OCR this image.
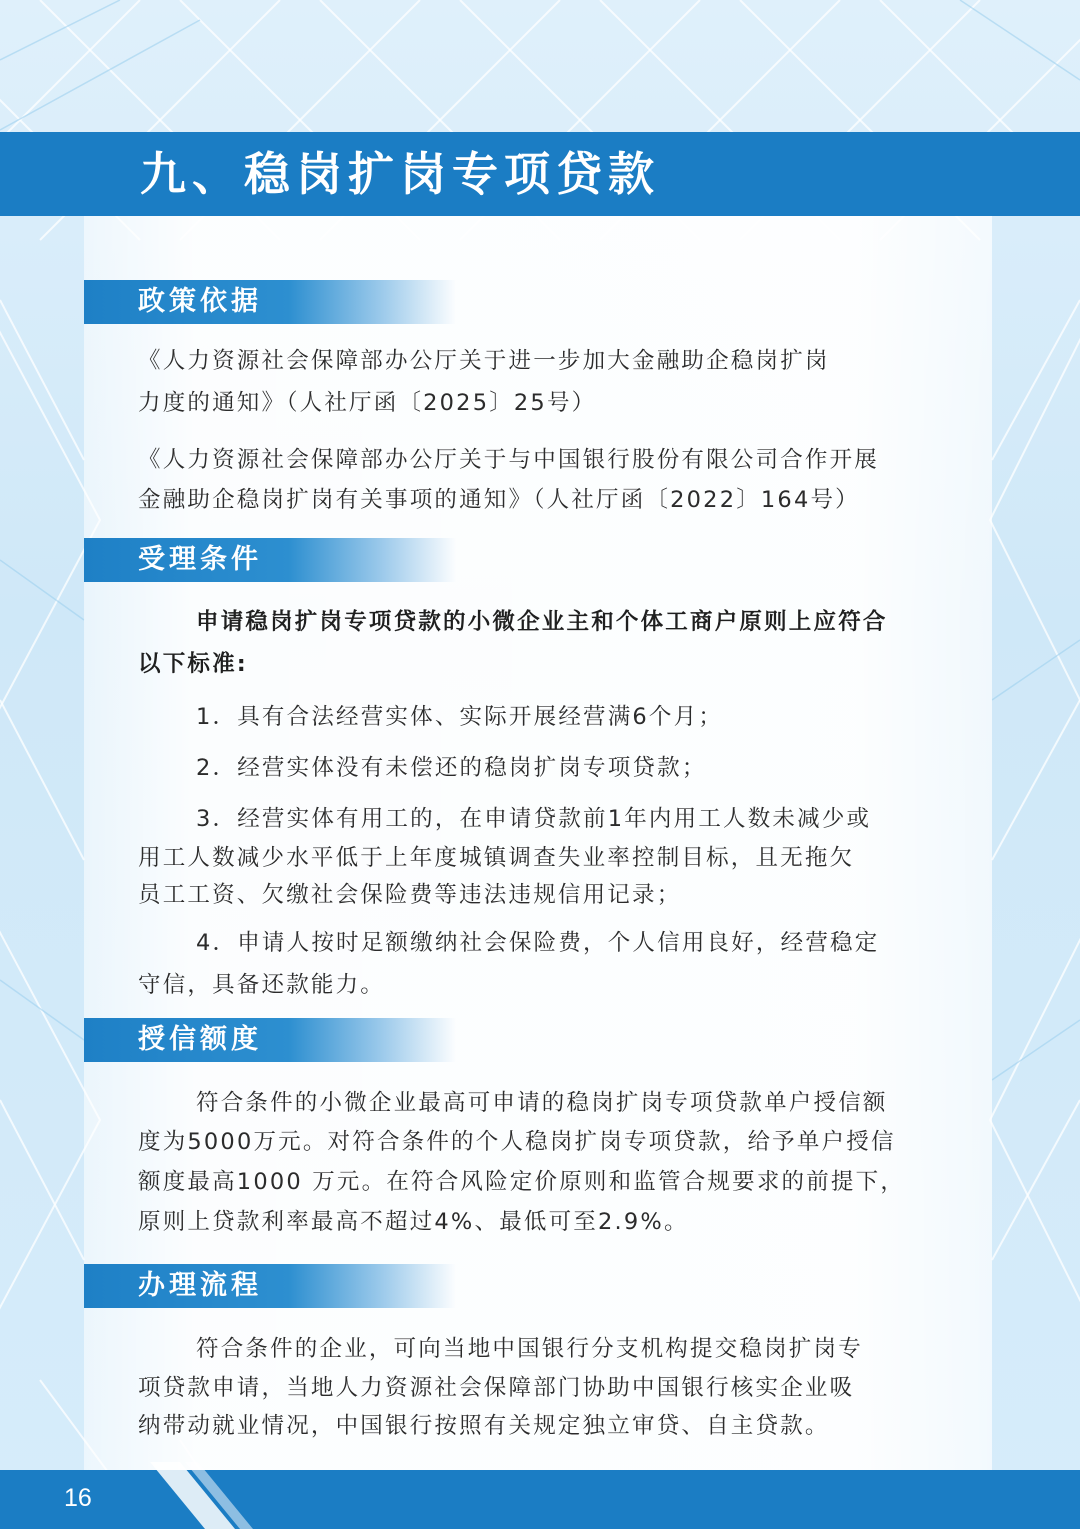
九、稳岗扩岗专项贷款
政策依据

《人力资源社会保障部办公厅关于进一步加大金融助企稳岗扩岗

力度的通知》（人社厅函〔2025〕25号）

《人力资源社会保障部办公厅关于与中国银行股份有限公司合作开展

金融助企稳岗扩岗有关事项的通知》（人社厅函〔2022〕164号）

受理条件

申请稳岗扩岗专项贷款的小微企业主和个体工商户原则上应符合

以下标准:

1．具有合法经营实体、实际开展经营满6个月；

2．经营实体没有未偿还的稳岗扩岗专项贷款；

3．经营实体有用工的，在申请贷款前1年内用工人数未减少或

用工人数减少水平低于上年度城镇调查失业率控制目标，且无拖欠

员工工资、欠缴社会保险费等违法违规信用记录；

4．申请人按时足额缴纳社会保险费，个人信用良好，经营稳定

守信，具备还款能力。

授信额度

符合条件的小微企业最高可申请的稳岗扩岗专项贷款单户授信额

度为5000万元。对符合条件的个人稳岗扩岗专项贷款，给予单户授信

额度最高1000 万元。在符合风险定价原则和监管合规要求的前提下，

原则上贷款利率最高不超过4%、最低可至2.9%。

办理流程

符合条件的企业，可向当地中国银行分支机构提交稳岗扩岗专

项贷款申请，当地人力资源社会保障部门协助中国银行核实企业吸

纳带动就业情况，中国银行按照有关规定独立审贷、自主贷款。

16
